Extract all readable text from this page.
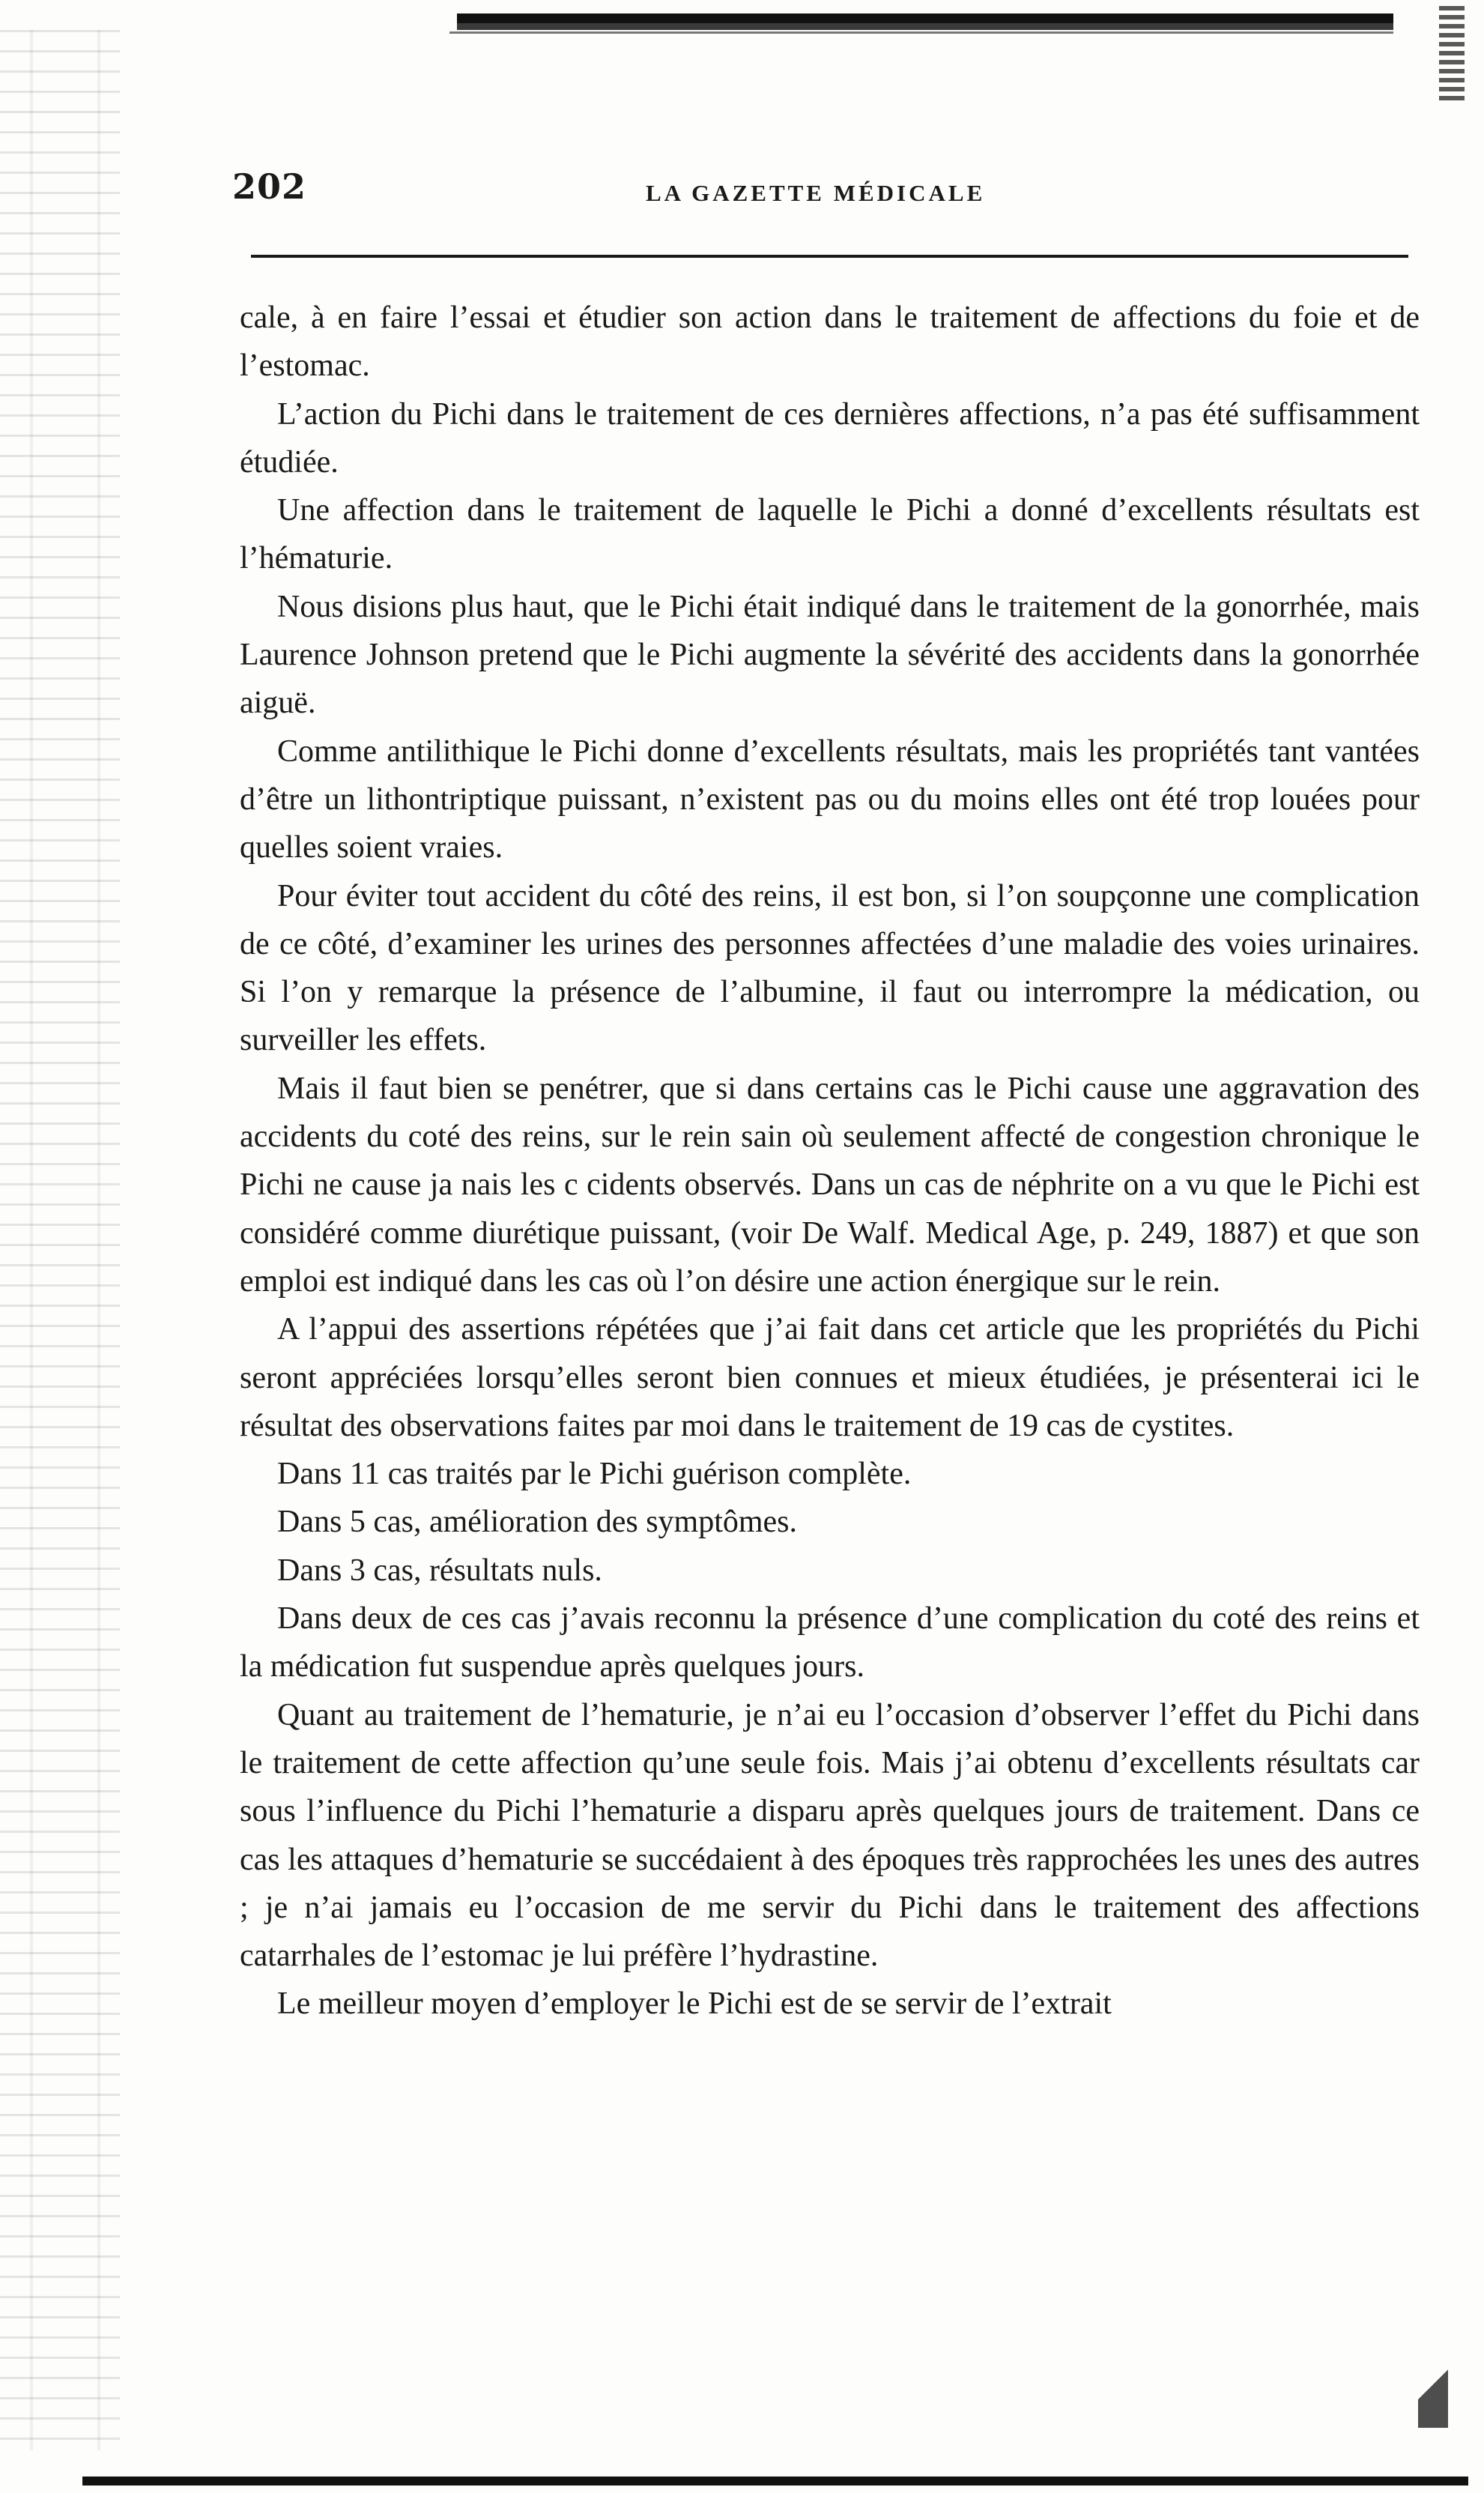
202	LA GAZETTE MÉDICALE

cale, à en faire l’essai et étudier son action dans le traitement de affections du foie et de l’estomac.

L’action du Pichi dans le traitement de ces dernières affections, n’a pas été suffisamment étudiée.

Une affection dans le traitement de laquelle le Pichi a donné d’excellents résultats est l’hématurie.

Nous disions plus haut, que le Pichi était indiqué dans le traitement de la gonorrhée, mais Laurence Johnson pretend que le Pichi augmente la sévérité des accidents dans la gonorrhée aiguë.

Comme antilithique le Pichi donne d’excellents résultats, mais les propriétés tant vantées d’être un lithontriptique puissant, n’existent pas ou du moins elles ont été trop louées pour quelles soient vraies.

Pour éviter tout accident du côté des reins, il est bon, si l’on soupçonne une complication de ce côté, d’examiner les urines des personnes affectées d’une maladie des voies urinaires. Si l’on y remarque la présence de l’albumine, il faut ou interrompre la médication, ou surveiller les effets.

Mais il faut bien se penétrer, que si dans certains cas le Pichi cause une aggravation des accidents du coté des reins, sur le rein sain où seulement affecté de congestion chronique le Pichi ne cause ja nais les c cidents observés. Dans un cas de néphrite on a vu que le Pichi est considéré comme diurétique puissant, (voir De Walf. Medical Age, p. 249, 1887) et que son emploi est indiqué dans les cas où l’on désire une action énergique sur le rein.

A l’appui des assertions répétées que j’ai fait dans cet article que les propriétés du Pichi seront appréciées lorsqu’elles seront bien connues et mieux étudiées, je présenterai ici le résultat des observations faites par moi dans le traitement de 19 cas de cystites.

Dans 11 cas traités par le Pichi guérison complète.

Dans 5 cas, amélioration des symptômes.

Dans 3 cas, résultats nuls.

Dans deux de ces cas j’avais reconnu la présence d’une complication du coté des reins et la médication fut suspendue après quelques jours.

Quant au traitement de l’hematurie, je n’ai eu l’occasion d’observer l’effet du Pichi dans le traitement de cette affection qu’une seule fois. Mais j’ai obtenu d’excellents résultats car sous l’influence du Pichi l’hematurie a disparu après quelques jours de traitement. Dans ce cas les attaques d’hematurie se succédaient à des époques très rapprochées les unes des autres ; je n’ai jamais eu l’occasion de me servir du Pichi dans le traitement des affections catarrhales de l’estomac je lui préfère l’hydrastine.

Le meilleur moyen d’employer le Pichi est de se servir de l’extrait
